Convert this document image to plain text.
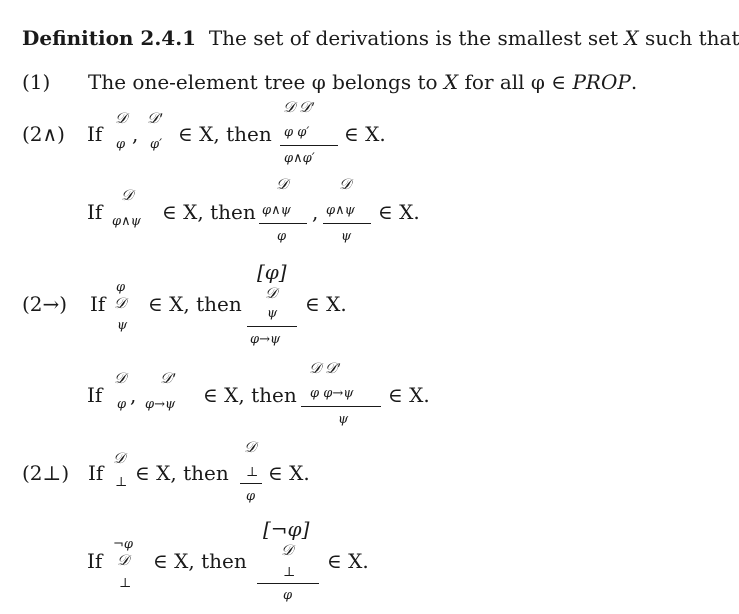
Definition 2.4.1 The set of derivations is the smallest set X such that
(1) The one-element tree φ belongs to X for all φ ∈ PROP.
(2∧) If
𝒟
φ ,
𝒟′
φ′ ∈ X, then
𝒟 𝒟′
φ φ′
φ∧φ′
∈ X.
If
𝒟
φ∧ψ ∈ X, then
𝒟
φ∧ψ
φ
,
𝒟
φ∧ψ
ψ
∈ X.
(2→) If
φ
𝒟
ψ
∈ X, then
[φ]
𝒟
ψ
φ→ψ
∈ X.
If
𝒟
φ ,
𝒟′
φ→ψ ∈ X, then
𝒟 𝒟′
φ φ→ψ
ψ
∈ X.
(2⊥) If
𝒟
⊥ ∈ X, then
𝒟
⊥
φ
∈ X.
If
¬φ
𝒟
⊥
∈ X, then
[¬φ]
𝒟
⊥
φ
∈ X.
